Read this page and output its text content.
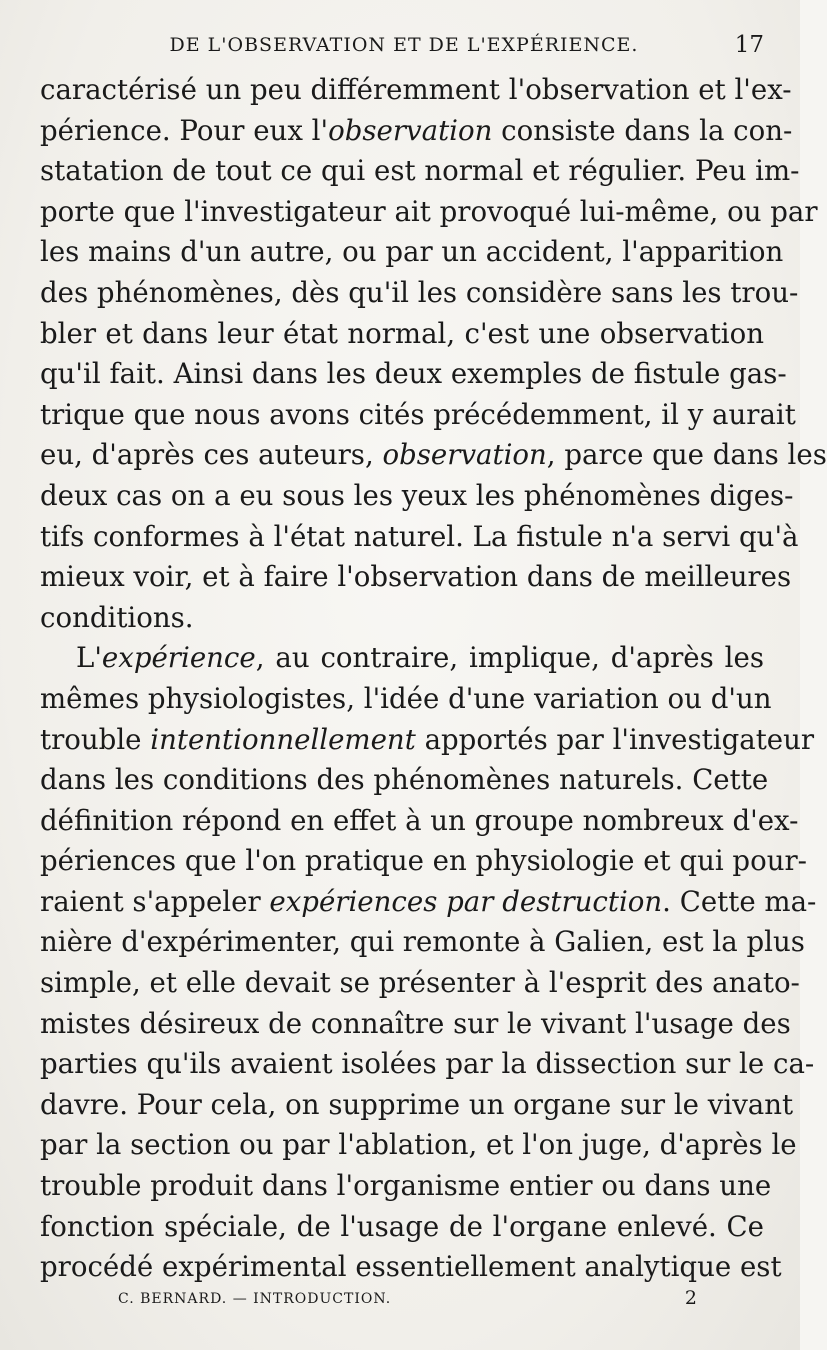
DE L'OBSERVATION ET DE L'EXPÉRIENCE.	17
caractérisé un peu différemment l'observation et l'ex-
périence. Pour eux l'observation consiste dans la con-
statation de tout ce qui est normal et régulier. Peu im-
porte que l'investigateur ait provoqué lui-même, ou par
les mains d'un autre, ou par un accident, l'apparition
des phénomènes, dès qu'il les considère sans les trou-
bler et dans leur état normal, c'est une observation
qu'il fait. Ainsi dans les deux exemples de fistule gas-
trique que nous avons cités précédemment, il y aurait
eu, d'après ces auteurs, observation, parce que dans les
deux cas on a eu sous les yeux les phénomènes diges-
tifs conformes à l'état naturel. La fistule n'a servi qu'à
mieux voir, et à faire l'observation dans de meilleures
conditions.
L'expérience, au contraire, implique, d'après les
mêmes physiologistes, l'idée d'une variation ou d'un
trouble intentionnellement apportés par l'investigateur
dans les conditions des phénomènes naturels. Cette
définition répond en effet à un groupe nombreux d'ex-
périences que l'on pratique en physiologie et qui pour-
raient s'appeler expériences par destruction. Cette ma-
nière d'expérimenter, qui remonte à Galien, est la plus
simple, et elle devait se présenter à l'esprit des anato-
mistes désireux de connaître sur le vivant l'usage des
parties qu'ils avaient isolées par la dissection sur le ca-
davre. Pour cela, on supprime un organe sur le vivant
par la section ou par l'ablation, et l'on juge, d'après le
trouble produit dans l'organisme entier ou dans une
fonction spéciale, de l'usage de l'organe enlevé. Ce
procédé expérimental essentiellement analytique est
C. BERNARD. — INTRODUCTION.	2
